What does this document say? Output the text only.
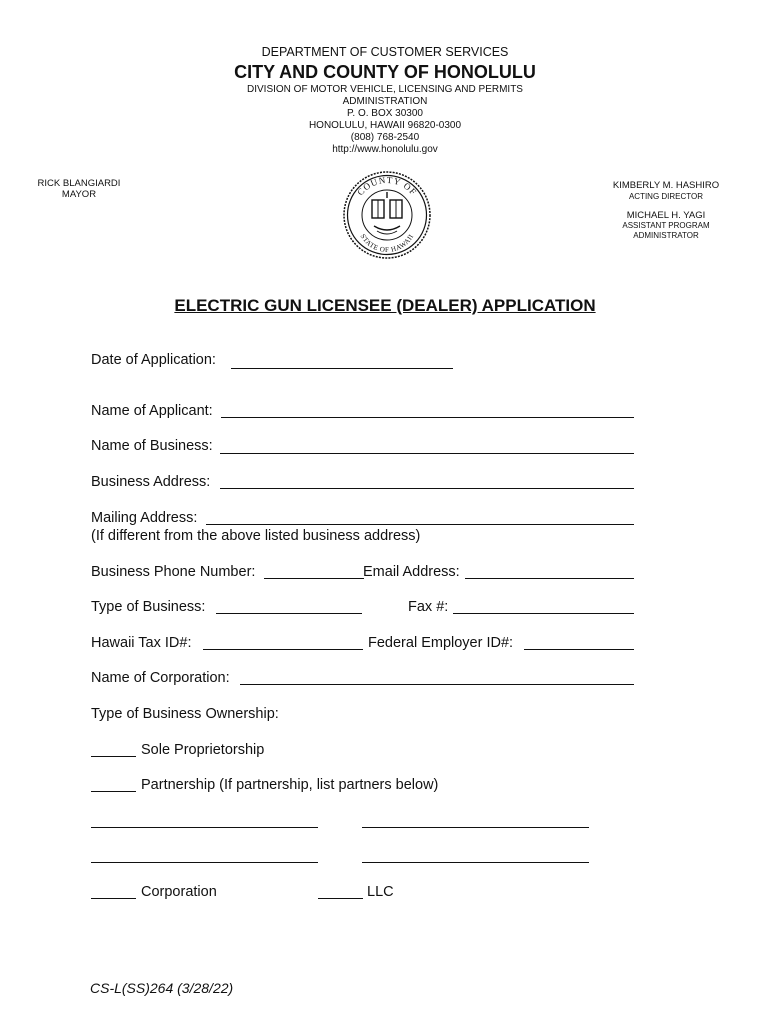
DEPARTMENT OF CUSTOMER SERVICES
CITY AND COUNTY OF HONOLULU
DIVISION OF MOTOR VEHICLE, LICENSING AND PERMITS
ADMINISTRATION
P. O. BOX 30300
HONOLULU, HAWAII 96820-0300
(808) 768-2540
http://www.honolulu.gov
RICK BLANGIARDI
MAYOR	COUNTY OF
STATE OF HAWAII
KIMBERLY M. HASHIRO
ACTING DIRECTOR
MICHAEL H. YAGI
ASSISTANT PROGRAM
ADMINISTRATOR
ELECTRIC GUN LICENSEE (DEALER) APPLICATION
Date of Application:
Name of Applicant:
Name of Business:
Business Address:
Mailing Address:
(If different from the above listed business address)
Business Phone Number:	Email Address:
Type of Business:	Fax #:
Hawaii Tax ID#:	Federal Employer ID#:
Name of Corporation:
Type of Business Ownership:
Sole Proprietorship
Partnership (If partnership, list partners below)
Corporation	LLC
CS-L(SS)264 (3/28/22)
